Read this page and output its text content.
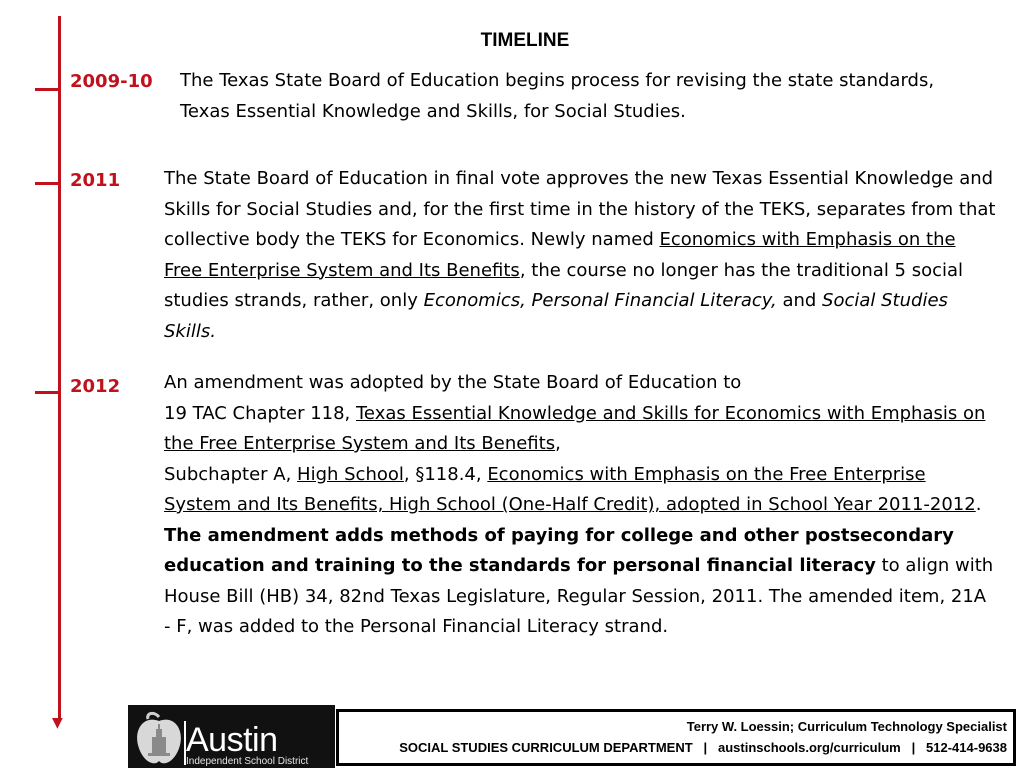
TIMELINE
▼
2009-10 The Texas State Board of Education begins process for revising the state standards, Texas Essential Knowledge and Skills, for Social Studies.
2011 The State Board of Education in final vote approves the new Texas Essential Knowledge and Skills for Social Studies and, for the first time in the history of the TEKS, separates from that collective body the TEKS for Economics. Newly named Economics with Emphasis on the Free Enterprise System and Its Benefits, the course no longer has the traditional 5 social studies strands, rather, only Economics, Personal Financial Literacy, and Social Studies Skills.
2012 An amendment was adopted by the State Board of Education to
19 TAC Chapter 118, Texas Essential Knowledge and Skills for Economics with Emphasis on the Free Enterprise System and Its Benefits,
Subchapter A, High School, §118.4, Economics with Emphasis on the Free Enterprise System and Its Benefits, High School (One-Half Credit), adopted in School Year 2011-2012. The amendment adds methods of paying for college and other postsecondary education and training to the standards for personal financial literacy to align with House Bill (HB) 34, 82nd Texas Legislature, Regular Session, 2011. The amended item, 21A - F, was added to the Personal Financial Literacy strand.
Austin
Independent School District
Terry W. Loessin; Curriculum Technology Specialist
SOCIAL STUDIES CURRICULUM DEPARTMENT   |   austinschools.org/curriculum   |   512-414-9638
